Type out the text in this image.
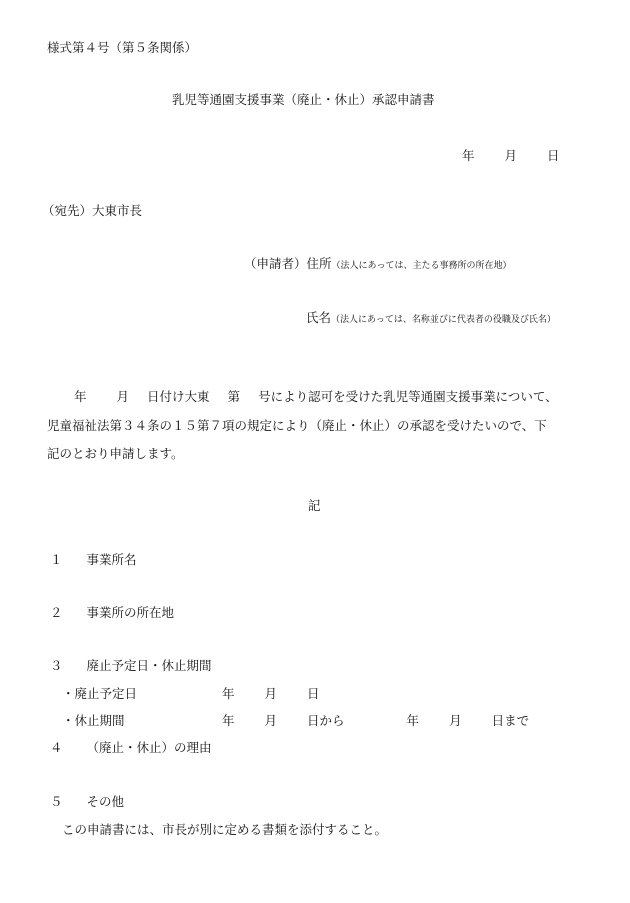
様式第４号（第５条関係）
乳児等通園支援事業（廃止・休止）承認申請書
年 月 日
（宛先）大東市長
（申請者）住所（法人にあっては、主たる事務所の所在地）
氏名（法人にあっては、名称並びに代表者の役職及び氏名）
年 月 日付け大東 第 号により認可を受けた乳児等通園支援事業について、
児童福祉法第３４条の１５第７項の規定により（廃止・休止）の承認を受けたいので、下
記のとおり申請します。
記
１ 事業所名
２ 事業所の所在地
３ 廃止予定日・休止期間
・廃止予定日	年 月 日
・休止期間	年 月 日から	年 月 日まで
４ （廃止・休止）の理由
５ その他
この申請書には、市長が別に定める書類を添付すること。
